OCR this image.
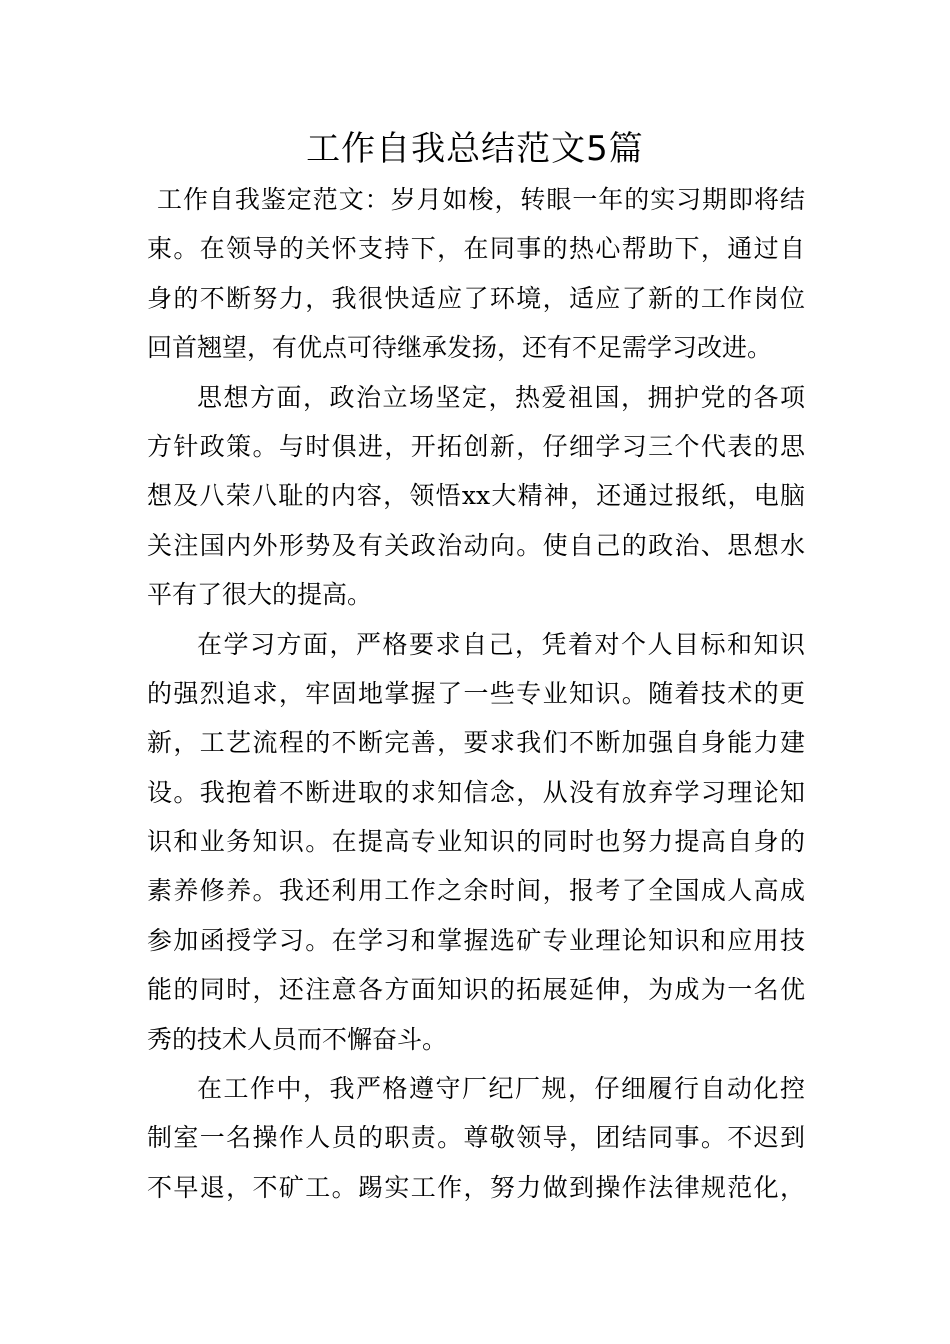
工作自我总结范文5篇
工作自我鉴定范文：岁月如梭，转眼一年的实习期即将结
束。在领导的关怀支持下，在同事的热心帮助下，通过自
身的不断努力，我很快适应了环境，适应了新的工作岗位
回首翘望，有优点可待继承发扬，还有不足需学习改进。
思想方面，政治立场坚定，热爱祖国，拥护党的各项
方针政策。与时俱进，开拓创新，仔细学习三个代表的思
想及八荣八耻的内容，领悟xx大精神，还通过报纸，电脑
关注国内外形势及有关政治动向。使自己的政治、思想水
平有了很大的提高。
在学习方面，严格要求自己，凭着对个人目标和知识
的强烈追求，牢固地掌握了一些专业知识。随着技术的更
新，工艺流程的不断完善，要求我们不断加强自身能力建
设。我抱着不断进取的求知信念，从没有放弃学习理论知
识和业务知识。在提高专业知识的同时也努力提高自身的
素养修养。我还利用工作之余时间，报考了全国成人高成
参加函授学习。在学习和掌握选矿专业理论知识和应用技
能的同时，还注意各方面知识的拓展延伸，为成为一名优
秀的技术人员而不懈奋斗。
在工作中，我严格遵守厂纪厂规，仔细履行自动化控
制室一名操作人员的职责。尊敬领导，团结同事。不迟到
不早退，不矿工。踢实工作，努力做到操作法律规范化，
